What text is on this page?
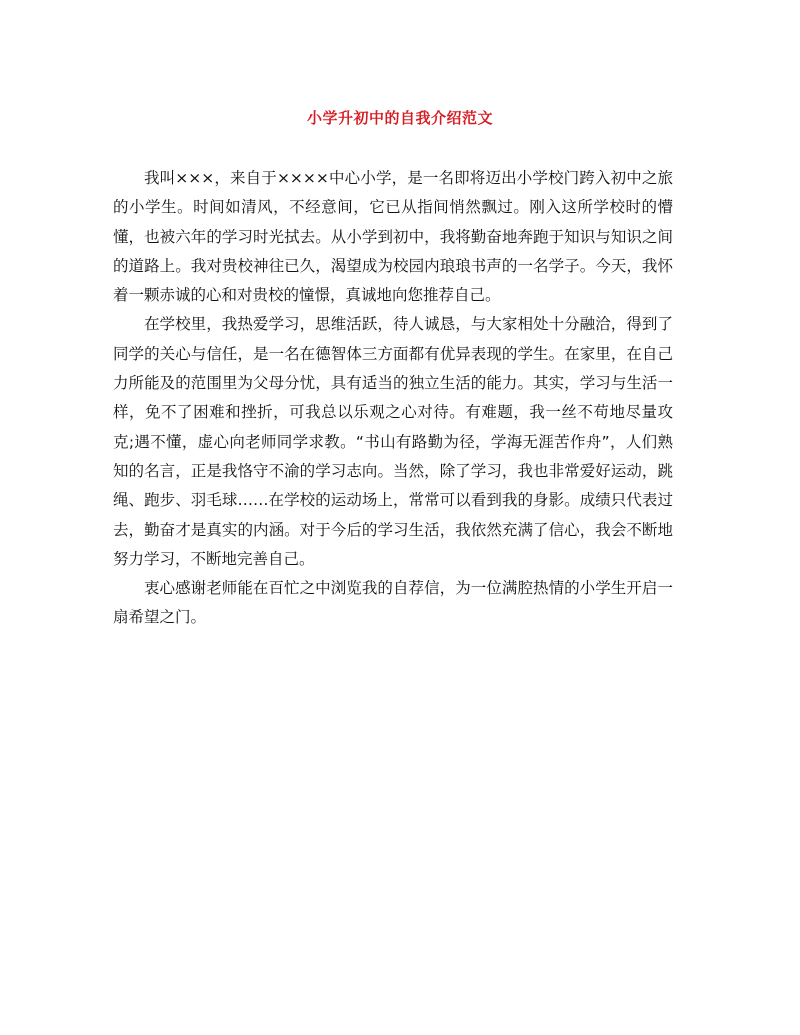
小学升初中的自我介绍范文

我叫×××，来自于××××中心小学，是一名即将迈出小学校门跨入初中之旅的小学生。时间如清风，不经意间，它已从指间悄然飘过。刚入这所学校时的懵懂，也被六年的学习时光拭去。从小学到初中，我将勤奋地奔跑于知识与知识之间的道路上。我对贵校神往已久，渴望成为校园内琅琅书声的一名学子。今天，我怀着一颗赤诚的心和对贵校的憧憬，真诚地向您推荐自己。

在学校里，我热爱学习，思维活跃，待人诚恳，与大家相处十分融洽，得到了同学的关心与信任，是一名在德智体三方面都有优异表现的学生。在家里，在自己力所能及的范围里为父母分忧，具有适当的独立生活的能力。其实，学习与生活一样，免不了困难和挫折，可我总以乐观之心对待。有难题，我一丝不苟地尽量攻克;遇不懂，虚心向老师同学求教。“书山有路勤为径，学海无涯苦作舟”，人们熟知的名言，正是我恪守不渝的学习志向。当然，除了学习，我也非常爱好运动，跳绳、跑步、羽毛球……在学校的运动场上，常常可以看到我的身影。成绩只代表过去，勤奋才是真实的内涵。对于今后的学习生活，我依然充满了信心，我会不断地努力学习，不断地完善自己。

衷心感谢老师能在百忙之中浏览我的自荐信，为一位满腔热情的小学生开启一扇希望之门。
